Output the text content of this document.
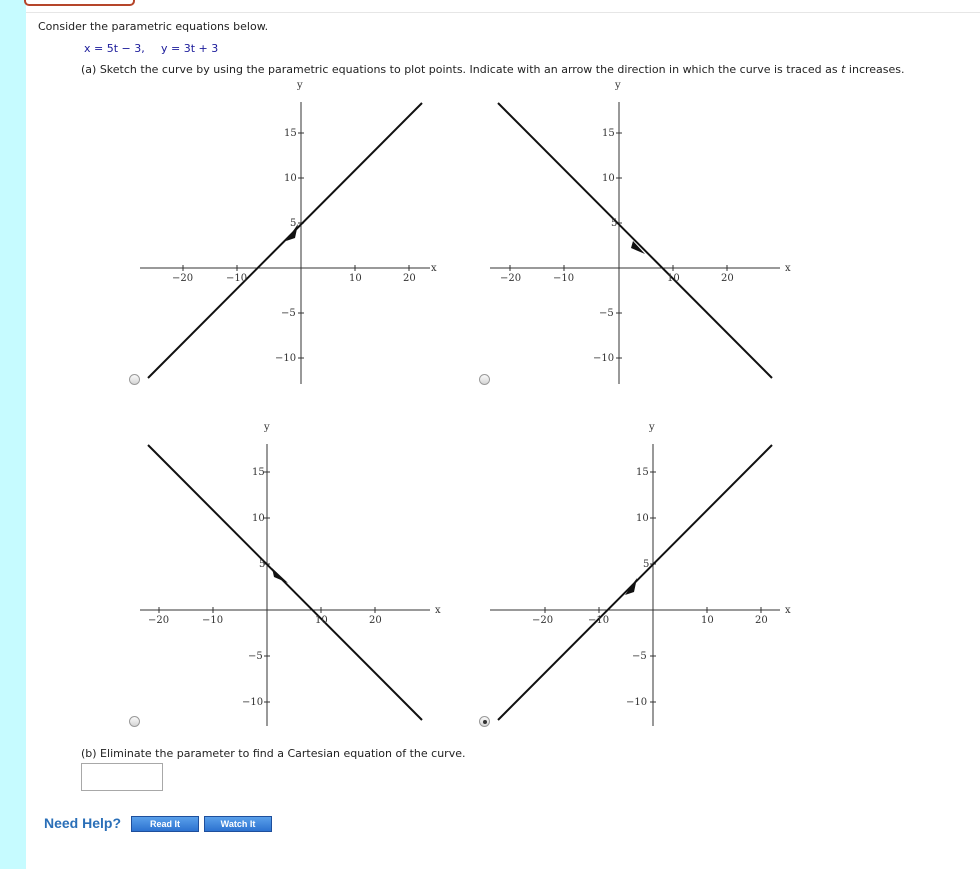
Consider the parametric equations below.
x = 5t − 3, y = 3t + 3
(a) Sketch the curve by using the parametric equations to plot points. Indicate with an arrow the direction in which the curve is traced as t increases.
x
y
−20	−10	10	20
15
10
5
−5
−10
x
y
−20	−10	10	20
15
10
5
−5
−10
x
y
−20	−10	10	20
15
10
5
−5
−10
x
y
−20	−10	10	20
15
10
5
−5
−10
(b) Eliminate the parameter to find a Cartesian equation of the curve.
Need Help?	Read It	Watch It
